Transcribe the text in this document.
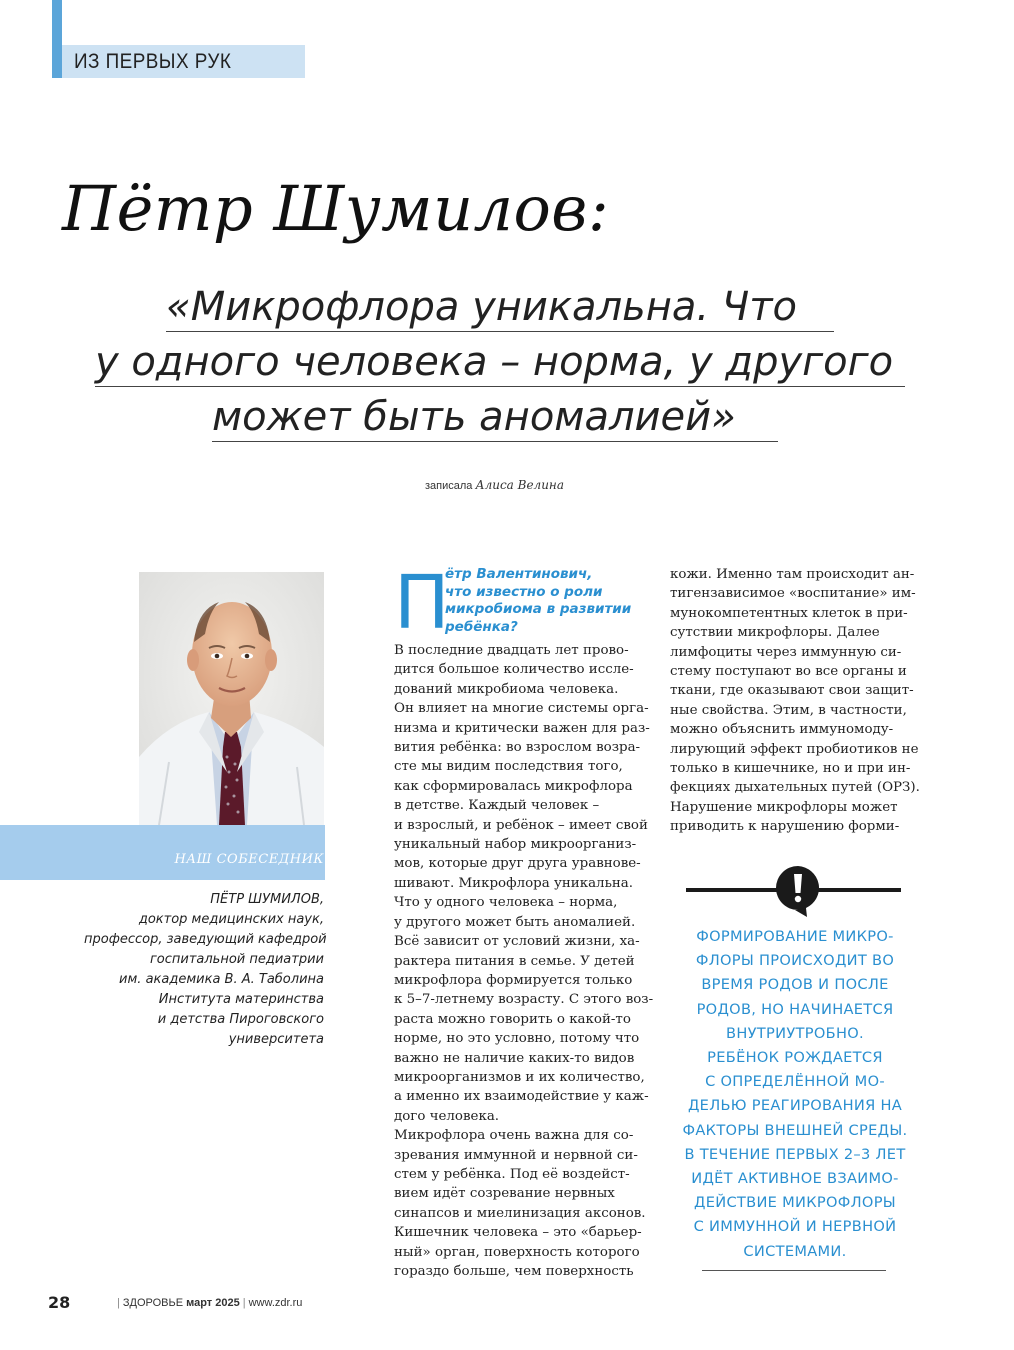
ИЗ ПЕРВЫХ РУК
Пётр Шумилов:
«Микрофлора уникальна. Что
у одного человека – норма, у другого
может быть аномалией»
записала Алиса Велина
НАШ СОБЕСЕДНИК
ПЁТР ШУМИЛОВ,
доктор медицинских наук,
профессор, заведующий кафедрой
госпитальной педиатрии
им. академика В. А. Таболина
Института материнства
и детства Пироговского
университета
П
ётр Валентинович,
что известно о роли
микробиома в развитии
ребёнка?
В последние двадцать лет прово-
дится большое количество иссле-
дований микробиома человека.
Он влияет на многие системы орга-
низма и критически важен для раз-
вития ребёнка: во взрослом возра-
сте мы видим последствия того,
как сформировалась микрофлора
в детстве. Каждый человек –
и взрослый, и ребёнок – имеет свой
уникальный набор микроорганиз-
мов, которые друг друга уравнове-
шивают. Микрофлора уникальна.
Что у одного человека – норма,
у другого может быть аномалией.
Всё зависит от условий жизни, ха-
рактера питания в семье. У детей
микрофлора формируется только
к 5–7-летнему возрасту. С этого воз-
раста можно говорить о какой-то
норме, но это условно, потому что
важно не наличие каких-то видов
микроорганизмов и их количество,
а именно их взаимодействие у каж-
дого человека.
Микрофлора очень важна для со-
зревания иммунной и нервной си-
стем у ребёнка. Под её воздейст-
вием идёт созревание нервных
синапсов и миелинизация аксонов.
Кишечник человека – это «барьер-
ный» орган, поверхность которого
гораздо больше, чем поверхность
кожи. Именно там происходит ан-
тигензависимое «воспитание» им-
мунокомпетентных клеток в при-
сутствии микрофлоры. Далее
лимфоциты через иммунную си-
стему поступают во все органы и
ткани, где оказывают свои защит-
ные свойства. Этим, в частности,
можно объяснить иммуномоду-
лирующий эффект пробиотиков не
только в кишечнике, но и при ин-
фекциях дыхательных путей (ОРЗ).
Нарушение микрофлоры может
приводить к нарушению форми-
ФОРМИРОВАНИЕ МИКРО-
ФЛОРЫ ПРОИСХОДИТ ВО
ВРЕМЯ РОДОВ И ПОСЛЕ
РОДОВ, НО НАЧИНАЕТСЯ
ВНУТРИУТРОБНО.
РЕБЁНОК РОЖДАЕТСЯ
С ОПРЕДЕЛЁННОЙ МО-
ДЕЛЬЮ РЕАГИРОВАНИЯ НА
ФАКТОРЫ ВНЕШНЕЙ СРЕДЫ.
В ТЕЧЕНИЕ ПЕРВЫХ 2–3 ЛЕТ
ИДЁТ АКТИВНОЕ ВЗАИМО-
ДЕЙСТВИЕ МИКРОФЛОРЫ
С ИММУННОЙ И НЕРВНОЙ
СИСТЕМАМИ.
28	| ЗДОРОВЬЕ март 2025 | www.zdr.ru
